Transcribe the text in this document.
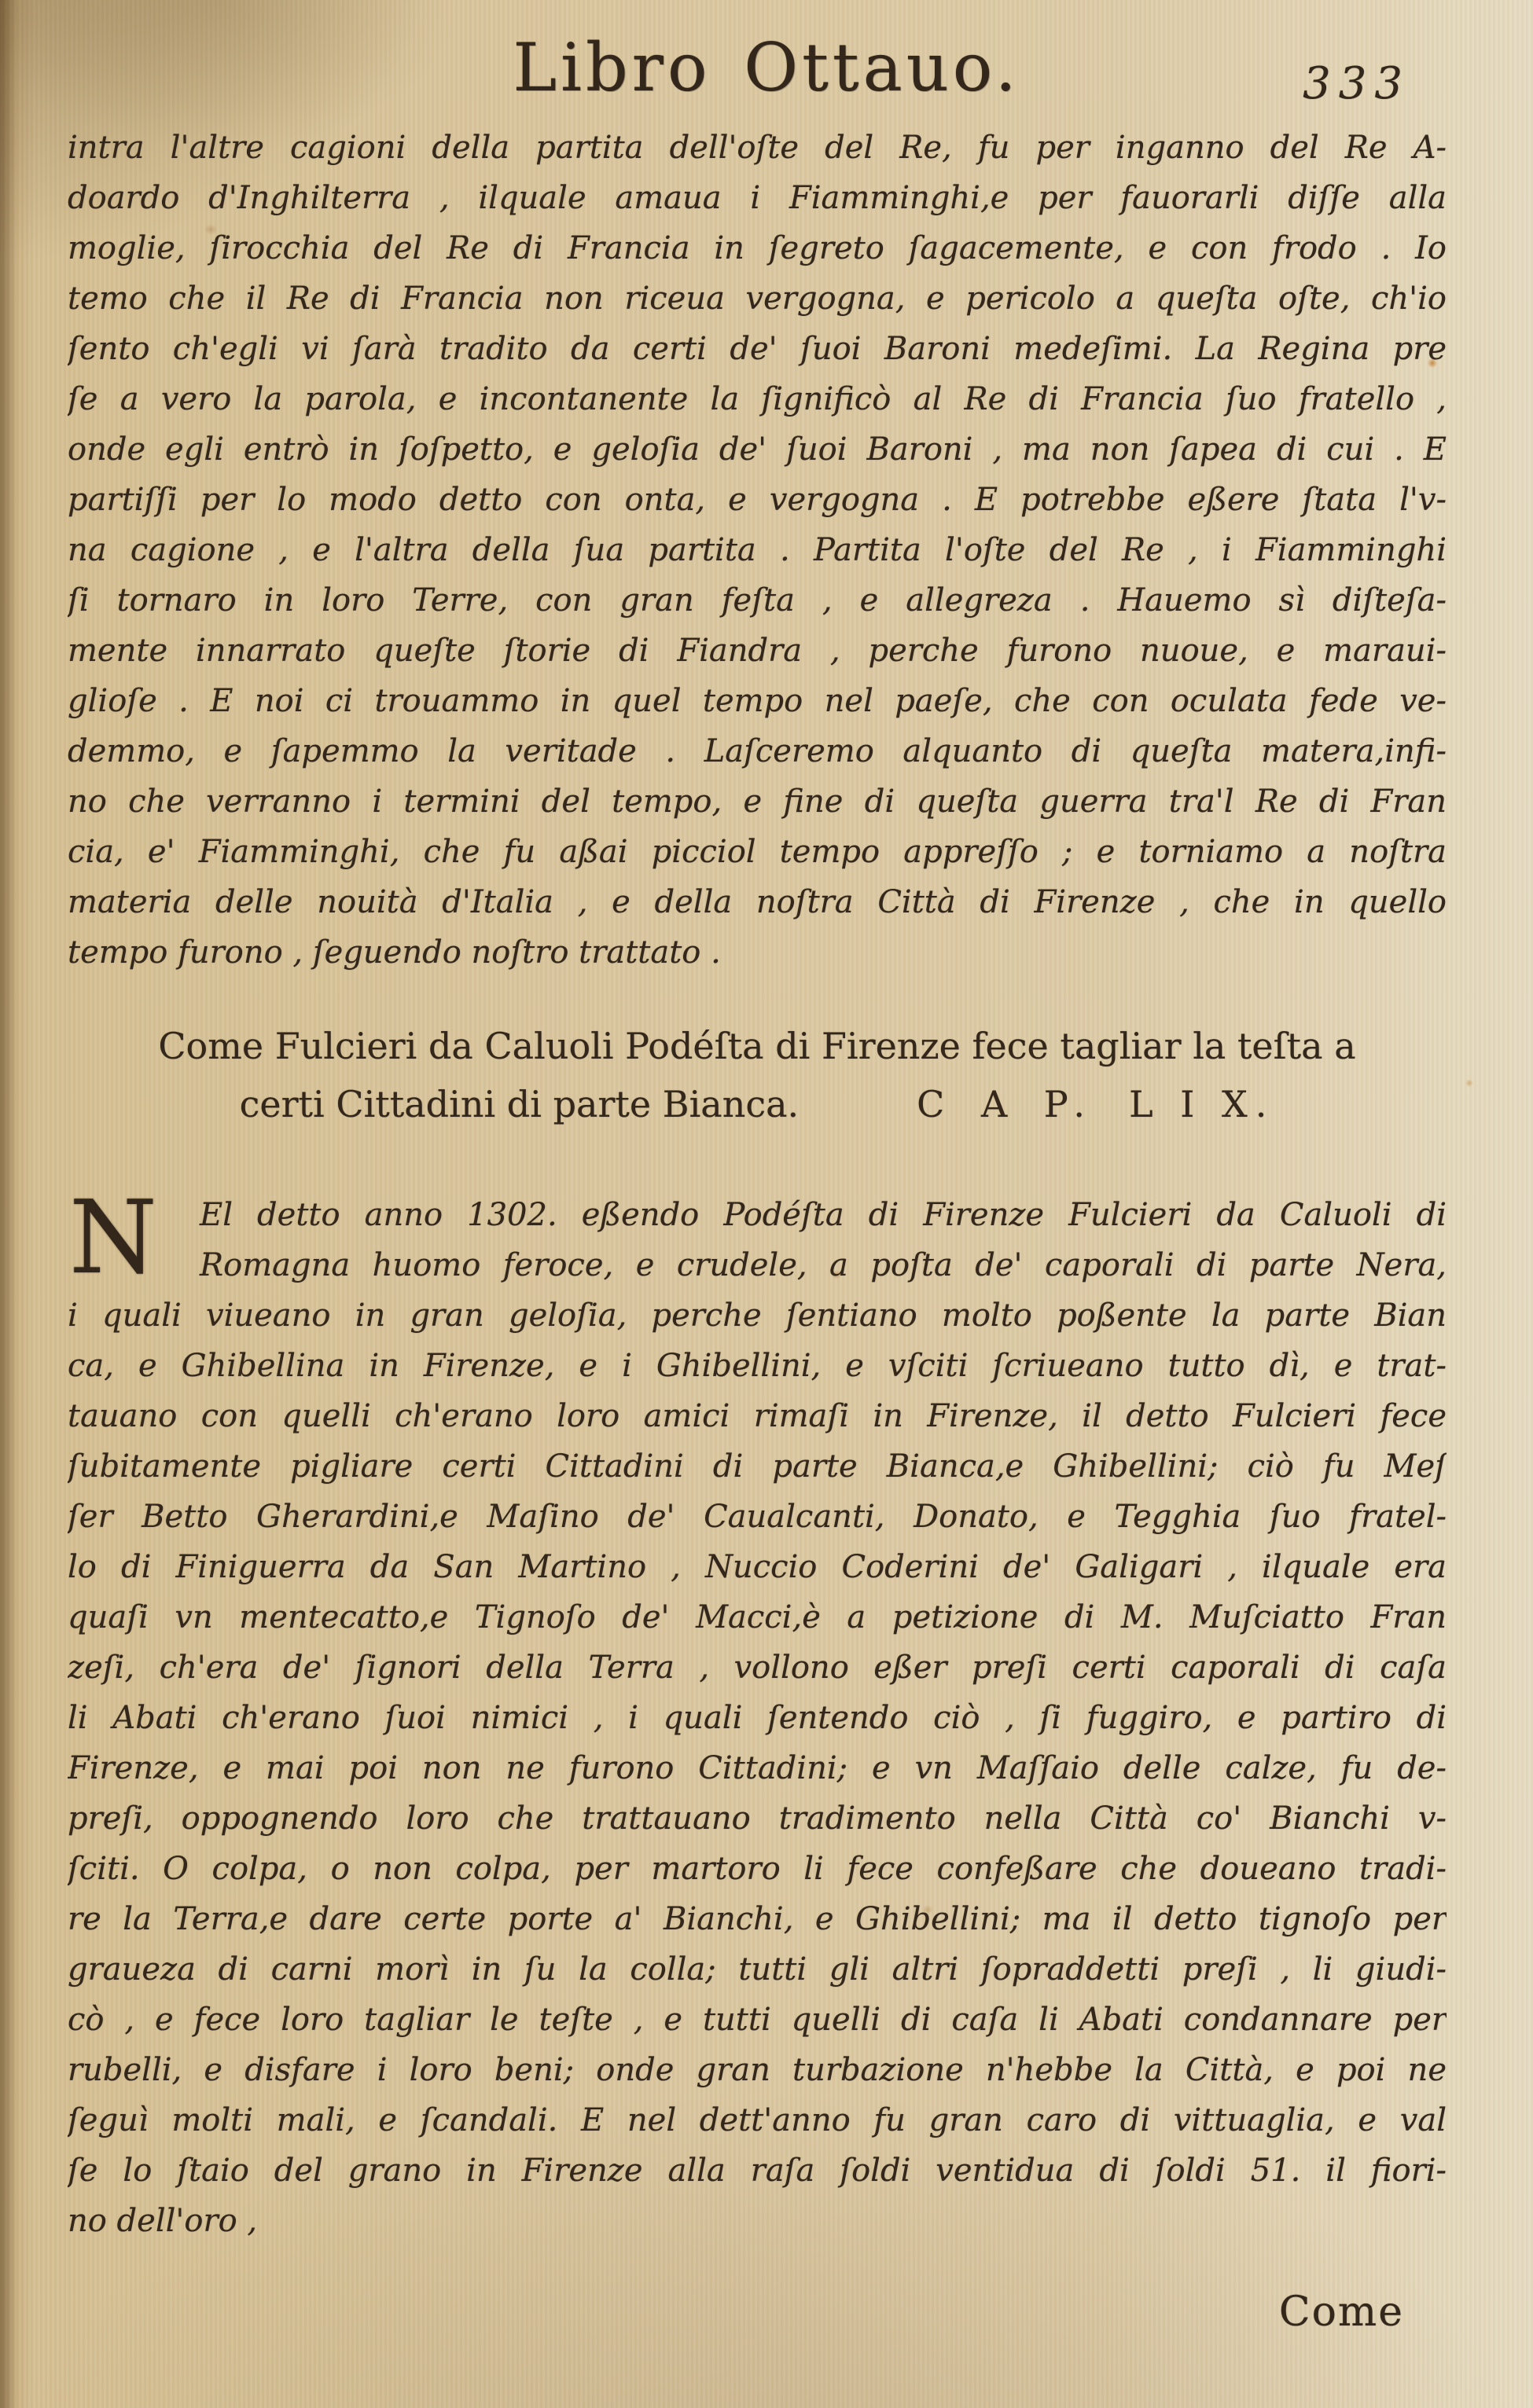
Libro Ottauo.	333
intra l'altre cagioni della partita dell'oſte del Re, fu per inganno del Re A-
doardo d'Inghilterra , ilquale amaua i Fiamminghi,e per fauorarli diſſe alla
moglie, ſirocchia del Re di Francia in ſegreto ſagacemente, e con frodo . Io
temo che il Re di Francia non riceua vergogna, e pericolo a queſta oſte, ch'io
ſento ch'egli vi ſarà tradito da certi de' ſuoi Baroni medeſimi. La Regina pre
ſe a vero la parola, e incontanente la ſignificò al Re di Francia ſuo fratello ,
onde egli entrò in ſoſpetto, e geloſia de' ſuoi Baroni , ma non ſapea di cui . E
partiſſi per lo modo detto con onta, e vergogna . E potrebbe eßere ſtata l'v-
na cagione , e l'altra della ſua partita . Partita l'oſte del Re , i Fiamminghi
ſi tornaro in loro Terre, con gran feſta , e allegreza . Hauemo sì diſteſa-
mente innarrato queſte ſtorie di Fiandra , perche furono nuoue, e maraui-
glioſe . E noi ci trouammo in quel tempo nel paeſe, che con oculata fede ve-
demmo, e ſapemmo la veritade . Laſceremo alquanto di queſta matera,infi-
no che verranno i termini del tempo, e fine di queſta guerra tra'l Re di Fran
cia, e' Fiamminghi, che fu aßai picciol tempo appreſſo ; e torniamo a noſtra
materia delle nouità d'Italia , e della noſtra Città di Firenze , che in quello
tempo furono , ſeguendo noſtro trattato .
Come Fulcieri da Caluoli Podéſta di Firenze fece tagliar la teſta a
certi Cittadini di parte Bianca.	C A P. L I X.
N	El detto anno 1302. eßendo Podéſta di Firenze Fulcieri da Caluoli di
Romagna huomo feroce, e crudele, a poſta de' caporali di parte Nera,
i quali viueano in gran geloſia, perche ſentiano molto poßente la parte Bian
ca, e Ghibellina in Firenze, e i Ghibellini, e vſciti ſcriueano tutto dì, e trat-
tauano con quelli ch'erano loro amici rimaſi in Firenze, il detto Fulcieri fece
ſubitamente pigliare certi Cittadini di parte Bianca,e Ghibellini; ciò fu Meſ
ſer Betto Gherardini,e Maſino de' Caualcanti, Donato, e Tegghia ſuo fratel-
lo di Finiguerra da San Martino , Nuccio Coderini de' Galigari , ilquale era
quaſi vn mentecatto,e Tignoſo de' Macci,è a petizione di M. Muſciatto Fran
zeſi, ch'era de' ſignori della Terra , vollono eßer preſi certi caporali di caſa
li Abati ch'erano ſuoi nimici , i quali ſentendo ciò , ſi fuggiro, e partiro di
Firenze, e mai poi non ne furono Cittadini; e vn Maſſaio delle calze, fu de-
preſi, oppognendo loro che trattauano tradimento nella Città co' Bianchi v-
ſciti. O colpa, o non colpa, per martoro li fece confeßare che doueano tradi-
re la Terra,e dare certe porte a' Bianchi, e Ghibellini; ma il detto tignoſo per
graueza di carni morì in ſu la colla; tutti gli altri ſopraddetti preſi , li giudi-
cò , e fece loro tagliar le teſte , e tutti quelli di caſa li Abati condannare per
rubelli, e disfare i loro beni; onde gran turbazione n'hebbe la Città, e poi ne
ſeguì molti mali, e ſcandali. E nel dett'anno fu gran caro di vittuaglia, e val
ſe lo ſtaio del grano in Firenze alla raſa ſoldi ventidua di ſoldi 51. il fiori-
no dell'oro ,
Come
